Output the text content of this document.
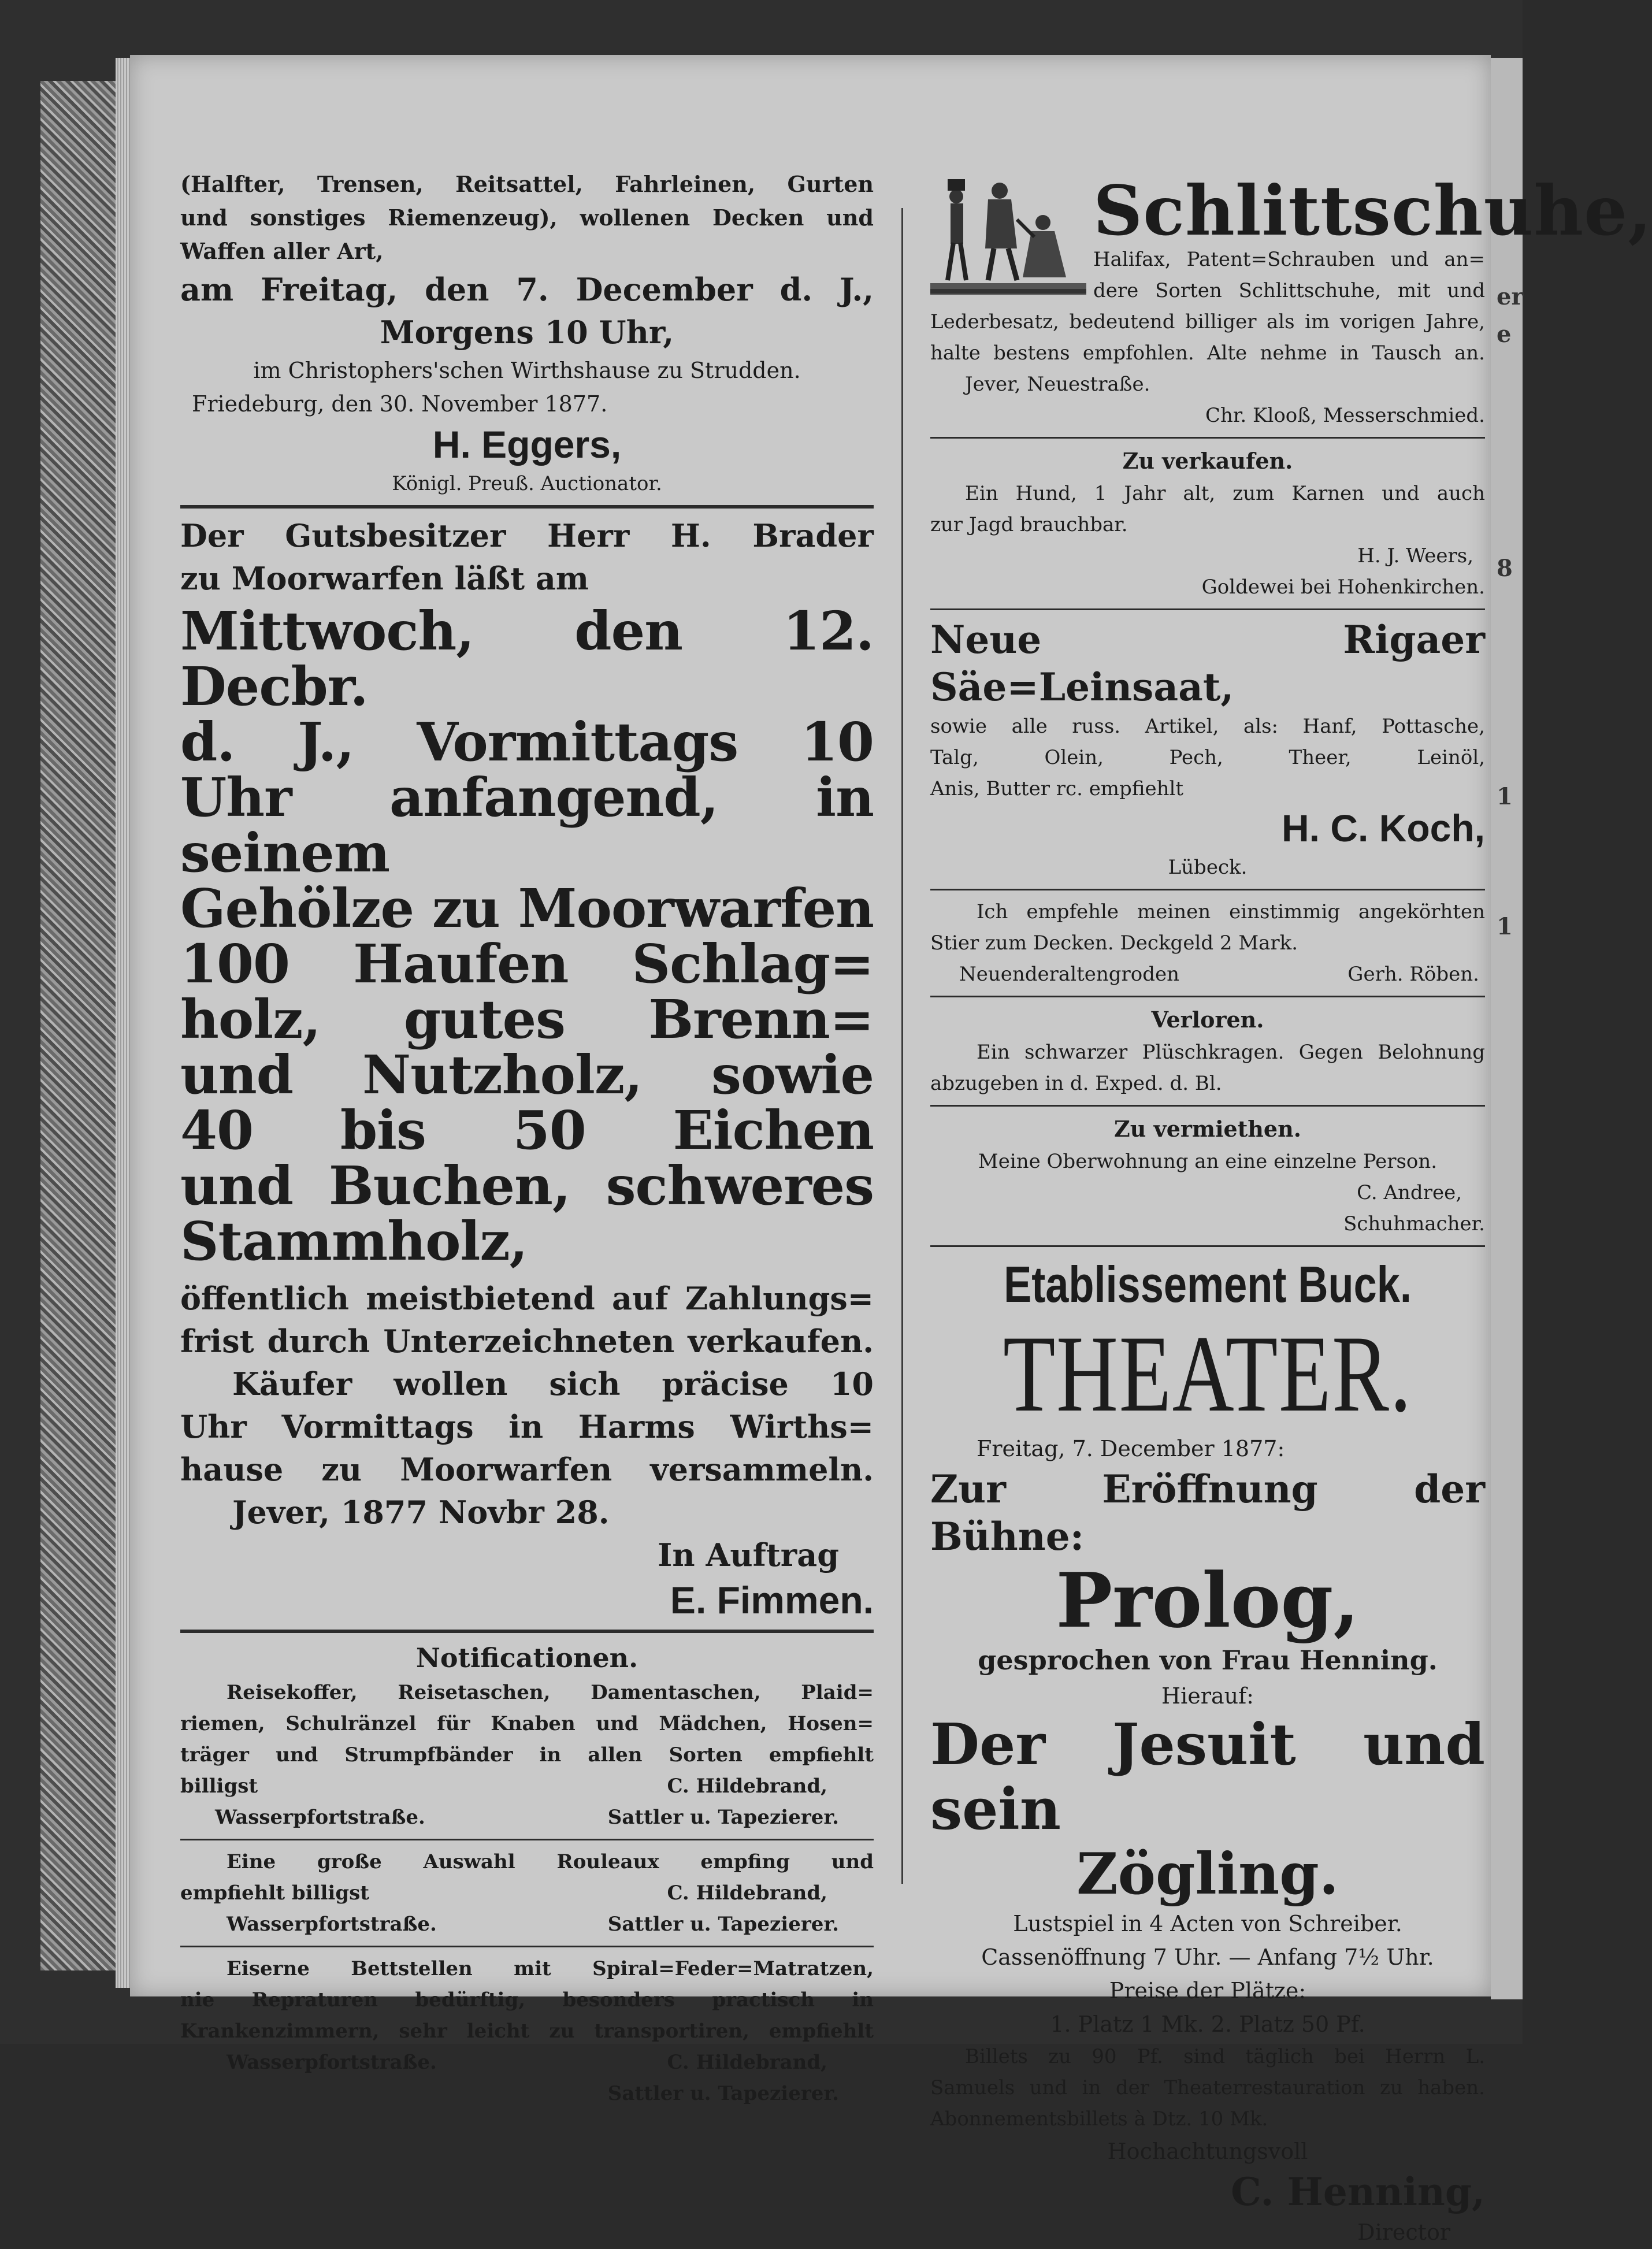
er
e
8
1
1
(Halfter, Trensen, Reitsattel, Fahrleinen, Gurten
und sonstiges Riemenzeug), wollenen Decken und
Waffen aller Art,
am Freitag, den 7. December d. J.,
Morgens 10 Uhr,
im Christophers'schen Wirthshause zu Strudden.
Friedeburg, den 30. November 1877.
H. Eggers,
Königl. Preuß. Auctionator.
Der Gutsbesitzer Herr H. Brader
zu Moorwarfen läßt am
Mittwoch, den 12. Decbr.
d. J., Vormittags 10
Uhr anfangend, in seinem
Gehölze zu Moorwarfen
100 Haufen Schlag=
holz, gutes Brenn=
und Nutzholz, sowie
40 bis 50 Eichen
und Buchen, schweres
Stammholz,
öffentlich meistbietend auf Zahlungs=
frist durch Unterzeichneten verkaufen.
Käufer wollen sich präcise 10
Uhr Vormittags in Harms Wirths=
hause zu Moorwarfen versammeln.
Jever, 1877 Novbr 28.
In Auftrag
E. Fimmen.
Notificationen.
Reisekoffer, Reisetaschen, Damentaschen, Plaid=
riemen, Schulränzel für Knaben und Mädchen, Hosen=
träger und Strumpfbänder in allen Sorten empfiehlt
billigst	C. Hildebrand,
Wasserpfortstraße.	Sattler u. Tapezierer.
Eine große Auswahl Rouleaux empfing und
empfiehlt billigst	C. Hildebrand,
Wasserpfortstraße.	Sattler u. Tapezierer.
Eiserne Bettstellen mit Spiral=Feder=Matratzen,
nie Repraturen bedürftig, besonders practisch in
Krankenzimmern, sehr leicht zu transportiren, empfiehlt
Wasserpfortstraße.	C. Hildebrand,
Sattler u. Tapezierer.
Schlittschuhe,
Halifax, Patent=Schrauben und an=
dere Sorten Schlittschuhe, mit und
Lederbesatz, bedeutend billiger als im vorigen Jahre,
halte bestens empfohlen. Alte nehme in Tausch an.
Jever, Neuestraße.
Chr. Klooß, Messerschmied.
Zu verkaufen.
Ein Hund, 1 Jahr alt, zum Karnen und auch
zur Jagd brauchbar.
H. J. Weers,
Goldewei bei Hohenkirchen.
Neue Rigaer Säe=Leinsaat,
sowie alle russ. Artikel, als: Hanf, Pottasche,
Talg, Olein, Pech, Theer, Leinöl,
Anis, Butter rc. empfiehlt
H. C. Koch,
Lübeck.
Ich empfehle meinen einstimmig angekörhten
Stier zum Decken. Deckgeld 2 Mark.
Neuenderaltengroden	Gerh. Röben.
Verloren.
Ein schwarzer Plüschkragen. Gegen Belohnung
abzugeben in d. Exped. d. Bl.
Zu vermiethen.
Meine Oberwohnung an eine einzelne Person.
C. Andree,
Schuhmacher.
Etablissement Buck.
THEATER.
Freitag, 7. December 1877:
Zur Eröffnung der Bühne:
Prolog,
gesprochen von Frau Henning.
Hierauf:
Der Jesuit und sein
Zögling.
Lustspiel in 4 Acten von Schreiber.
Cassenöffnung 7 Uhr. — Anfang 7½ Uhr.
Preise der Plätze:
1. Platz 1 Mk. 2. Platz 50 Pf.
Billets zu 90 Pf. sind täglich bei Herrn L.
Samuels und in der Theaterrestauration zu haben.
Abonnementsbillets à Dtz. 10 Mk.
Hochachtungsvoll
C. Henning,
Director
